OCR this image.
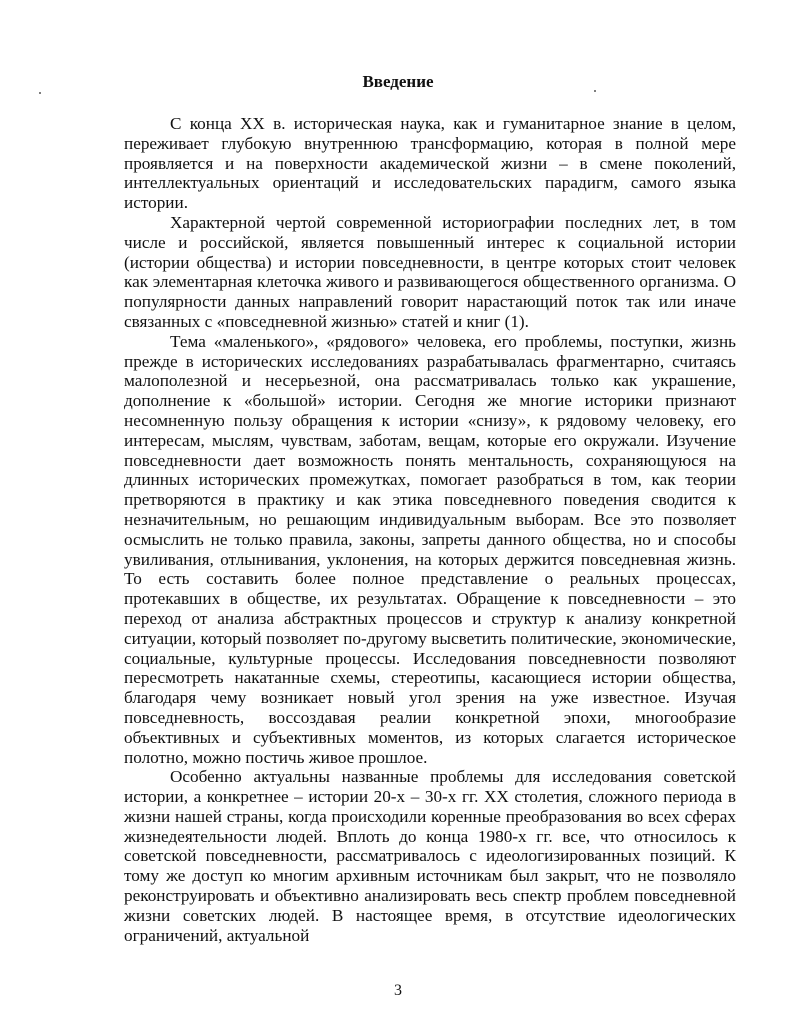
Введение

С конца XX в. историческая наука, как и гуманитарное знание в целом, переживает глубокую внутреннюю трансформацию, которая в полной мере проявляется и на поверхности академической жизни – в смене поколений, интеллектуальных ориентаций и исследовательских парадигм, самого языка истории.

Характерной чертой современной историографии последних лет, в том числе и российской, является повышенный интерес к социальной истории (истории общества) и истории повседневности, в центре которых стоит человек как элементарная клеточка живого и развивающегося общественного организма. О популярности данных направлений говорит нарастающий поток так или иначе связанных с «повседневной жизнью» статей и книг (1).

Тема «маленького», «рядового» человека, его проблемы, поступки, жизнь прежде в исторических исследованиях разрабатывалась фрагментарно, считаясь малополезной и несерьезной, она рассматривалась только как украшение, дополнение к «большой» истории. Сегодня же многие историки признают несомненную пользу обращения к истории «снизу», к рядовому человеку, его интересам, мыслям, чувствам, заботам, вещам, которые его окружали. Изучение повседневности дает возможность понять ментальность, сохраняющуюся на длинных исторических промежутках, помогает разобраться в том, как теории претворяются в практику и как этика повседневного поведения сводится к незначительным, но решающим индивидуальным выборам. Все это позволяет осмыслить не только правила, законы, запреты данного общества, но и способы увиливания, отлынивания, уклонения, на которых держится повседневная жизнь. То есть составить более полное представление о реальных процессах, протекавших в обществе, их результатах. Обращение к повседневности – это переход от анализа абстрактных процессов и структур к анализу конкретной ситуации, который позволяет по-другому высветить политические, экономические, социальные, культурные процессы. Исследования повседневности позволяют пересмотреть накатанные схемы, стереотипы, касающиеся истории общества, благодаря чему возникает новый угол зрения на уже известное. Изучая повседневность, воссоздавая реалии конкретной эпохи, многообразие объективных и субъективных моментов, из которых слагается историческое полотно, можно постичь живое прошлое.

Особенно актуальны названные проблемы для исследования советской истории, а конкретнее – истории 20-х – 30-х гг. XX столетия, сложного периода в жизни нашей страны, когда происходили коренные преобразования во всех сферах жизнедеятельности людей. Вплоть до конца 1980-х гг. все, что относилось к советской повседневности, рассматривалось с идеологизированных позиций. К тому же доступ ко многим архивным источникам был закрыт, что не позволяло реконструировать и объективно анализировать весь спектр проблем повседневной жизни советских людей. В настоящее время, в отсутствие идеологических ограничений, актуальной

3
